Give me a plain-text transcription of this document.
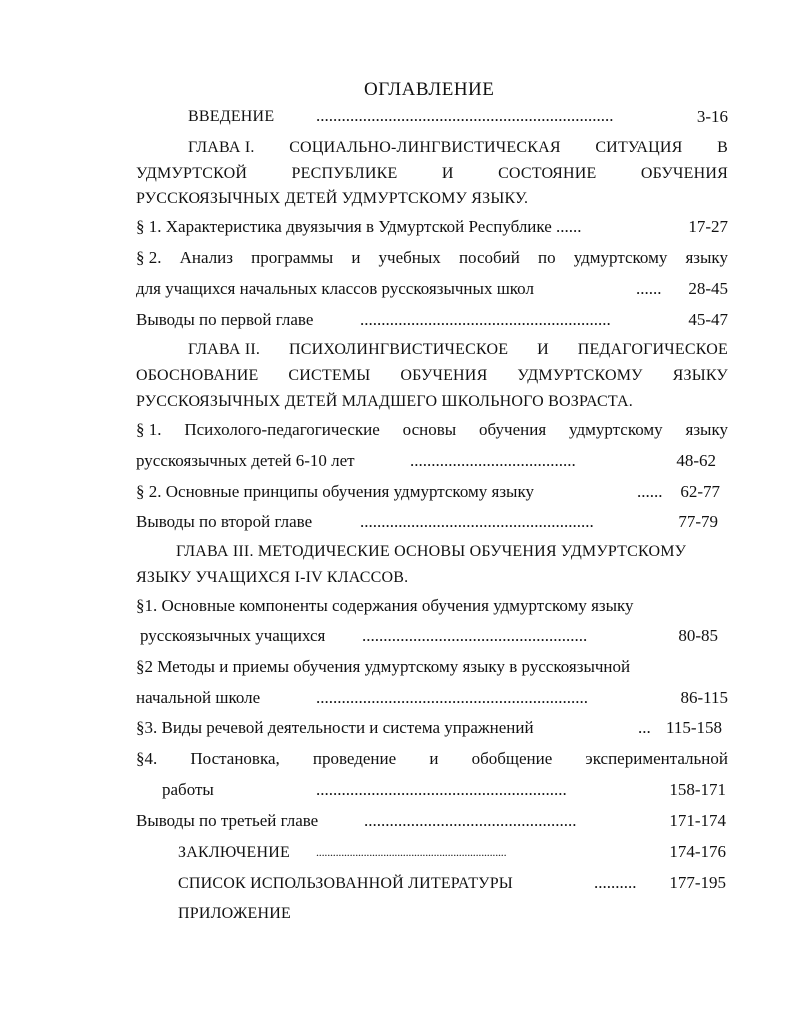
ОГЛАВЛЕНИЕ
ВВЕДЕНИЕ ......................................................................	3-16
ГЛАВА I. СОЦИАЛЬНО-ЛИНГВИСТИЧЕСКАЯ СИТУАЦИЯ В
УДМУРТСКОЙ	РЕСПУБЛИКЕ	И	СОСТОЯНИЕ	ОБУЧЕНИЯ
РУССКОЯЗЫЧНЫХ ДЕТЕЙ УДМУРТСКОМУ ЯЗЫКУ.
§ 1. Характеристика двуязычия в Удмуртской Республике ......	17-27
§ 2. Анализ программы и учебных пособий по удмуртскому языку
для учащихся начальных классов русскоязычных школ	......	28-45
Выводы по первой главе	...........................................................	45-47
ГЛАВА II. ПСИХОЛИНГВИСТИЧЕСКОЕ И ПЕДАГОГИЧЕСКОЕ
ОБОСНОВАНИЕ СИСТЕМЫ ОБУЧЕНИЯ УДМУРТСКОМУ ЯЗЫКУ
РУССКОЯЗЫЧНЫХ ДЕТЕЙ МЛАДШЕГО ШКОЛЬНОГО ВОЗРАСТА.
§ 1. Психолого-педагогические основы обучения удмуртскому языку
русскоязычных детей 6-10 лет	.......................................	48-62
§ 2. Основные принципы обучения удмуртскому языку	......	62-77
Выводы по второй главе	.......................................................	77-79
ГЛАВА III. МЕТОДИЧЕСКИЕ ОСНОВЫ ОБУЧЕНИЯ УДМУРТСКОМУ
ЯЗЫКУ УЧАЩИХСЯ I-IV КЛАССОВ.
§1. Основные компоненты содержания обучения удмуртскому языку
русскоязычных учащихся .....................................................	80-85
§2 Методы и приемы обучения удмуртскому языку в русскоязычной
начальной школе	................................................................	86-115
§3. Виды речевой деятельности и система упражнений	... 115-158
§4. Постановка, проведение и обобщение экспериментальной
работы	...........................................................	158-171
Выводы по третьей главе	..................................................	171-174
ЗАКЛЮЧЕНИЕ ....................................................................	174-176
СПИСОК ИСПОЛЬЗОВАННОЙ ЛИТЕРАТУРЫ	..........	177-195
ПРИЛОЖЕНИЕ
